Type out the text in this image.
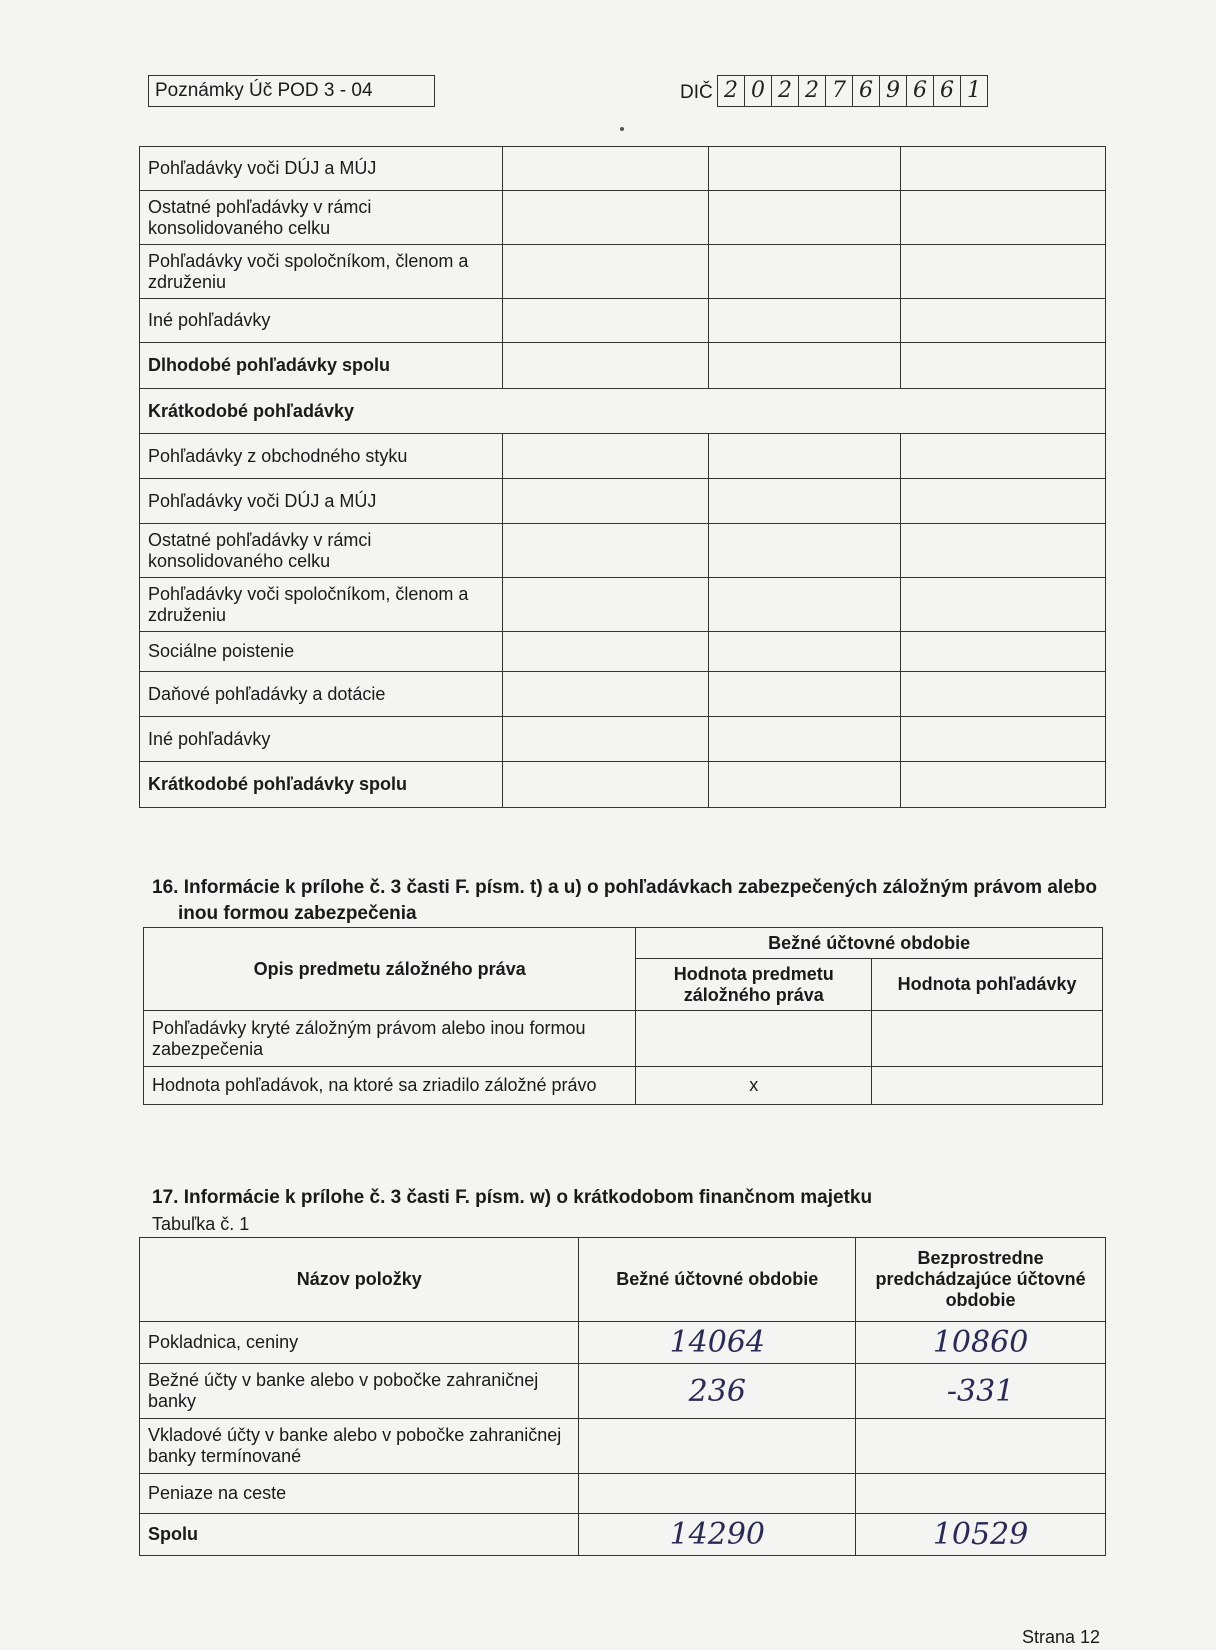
Poznámky Úč POD 3 - 04	DIČ 2 0 2 2 7 6 9 6 6 1
Pohľadávky voči DÚJ a MÚJ			
Ostatné pohľadávky v rámci konsolidovaného celku			
Pohľadávky voči spoločníkom, členom a združeniu			
Iné pohľadávky			
Dlhodobé pohľadávky spolu			
Krátkodobé pohľadávky			
Pohľadávky z obchodného styku			
Pohľadávky voči DÚJ a MÚJ			
Ostatné pohľadávky v rámci konsolidovaného celku			
Pohľadávky voči spoločníkom, členom a združeniu			
Sociálne poistenie			
Daňové pohľadávky a dotácie			
Iné pohľadávky			
Krátkodobé pohľadávky spolu			
16. Informácie k prílohe č. 3 časti F. písm. t) a u) o pohľadávkach zabezpečených záložným právom alebo
inou formou zabezpečenia
Opis predmetu záložného práva	Bežné účtovné obdobie	
	Hodnota predmetu záložného práva	Hodnota pohľadávky
Pohľadávky kryté záložným právom alebo inou formou zabezpečenia		
Hodnota pohľadávok, na ktoré sa zriadilo záložné právo	x	
17. Informácie k prílohe č. 3 časti F. písm. w) o krátkodobom finančnom majetku
Tabuľka č. 1
Názov položky	Bežné účtovné obdobie	Bezprostredne predchádzajúce účtovné obdobie
Pokladnica, ceniny	14064	10860
Bežné účty v banke alebo v pobočke zahraničnej banky	236	-331
Vkladové účty v banke alebo v pobočke zahraničnej banky termínované		
Peniaze na ceste		
Spolu	14290	10529
Strana 12
